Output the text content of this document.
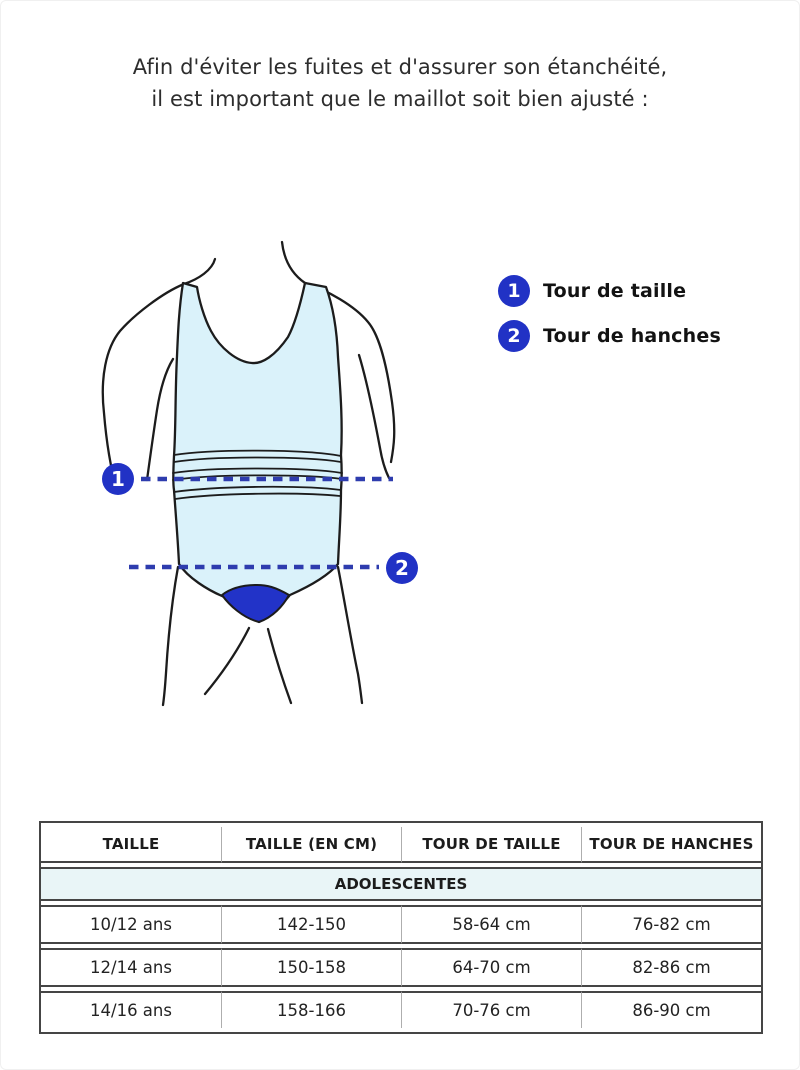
Afin d'éviter les fuites et d'assurer son étanchéité,
il est important que le maillot soit bien ajusté :
1
2
1	Tour de taille
2	Tour de hanches
TAILLE	TAILLE (EN CM)	TOUR DE TAILLE	TOUR DE HANCHES
ADOLESCENTES			
10/12 ans	142-150	58-64 cm	76-82 cm
12/14 ans	150-158	64-70 cm	82-86 cm
14/16 ans	158-166	70-76 cm	86-90 cm
